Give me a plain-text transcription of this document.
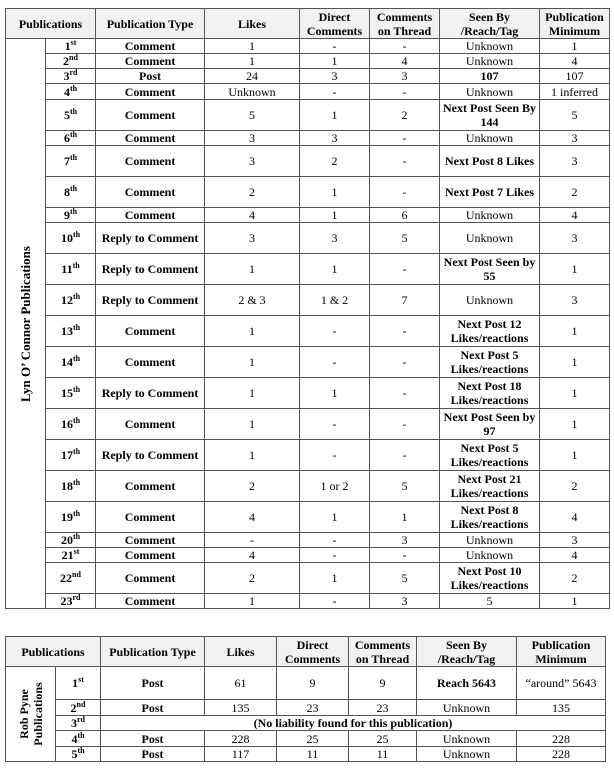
Publications		Publication Type	Likes	Direct Comments	Comments on Thread	Seen By /Reach/Tag	Publication Minimum

Lyn O’ Connor Publications	1st	Comment	1	-	-	Unknown	1
	2nd	Comment	1	1	4	Unknown	4
	3rd	Post	24	3	3	107	107
	4th	Comment	Unknown	-	-	Unknown	1 inferred
	5th	Comment	5	1	2	Next Post Seen By 144	5
	6th	Comment	3	3	-	Unknown	3
	7th	Comment	3	2	-	Next Post 8 Likes	3
	8th	Comment	2	1	-	Next Post 7 Likes	2
	9th	Comment	4	1	6	Unknown	4
	10th	Reply to Comment	3	3	5	Unknown	3
	11th	Reply to Comment	1	1	-	Next Post Seen by 55	1
	12th	Reply to Comment	2 & 3	1 & 2	7	Unknown	3
	13th	Comment	1	-	-	Next Post 12 Likes/reactions	1
	14th	Comment	1	-	-	Next Post 5 Likes/reactions	1
	15th	Reply to Comment	1	1	-	Next Post 18 Likes/reactions	1
	16th	Comment	1	-	-	Next Post Seen by 97	1
	17th	Reply to Comment	1	-	-	Next Post 5 Likes/reactions	1
	18th	Comment	2	1 or 2	5	Next Post 21 Likes/reactions	2
	19th	Comment	4	1	1	Next Post 8 Likes/reactions	4
	20th	Comment	-	-	3	Unknown	3
	21st	Comment	4	-	-	Unknown	4
	22nd	Comment	2	1	5	Next Post 10 Likes/reactions	2
	23rd	Comment	1	-	3	5	1
Publications		Publication Type	Likes	Direct Comments	Comments on Thread	Seen By /Reach/Tag	Publication Minimum

Rob Pyne Publications	1st	Post	61	9	9	Reach 5643	“around” 5643
	2nd	Post	135	23	23	Unknown	135
	3rd	(No liability found for this publication)					
	4th	Post	228	25	25	Unknown	228
	5th	Post	117	11	11	Unknown	228
